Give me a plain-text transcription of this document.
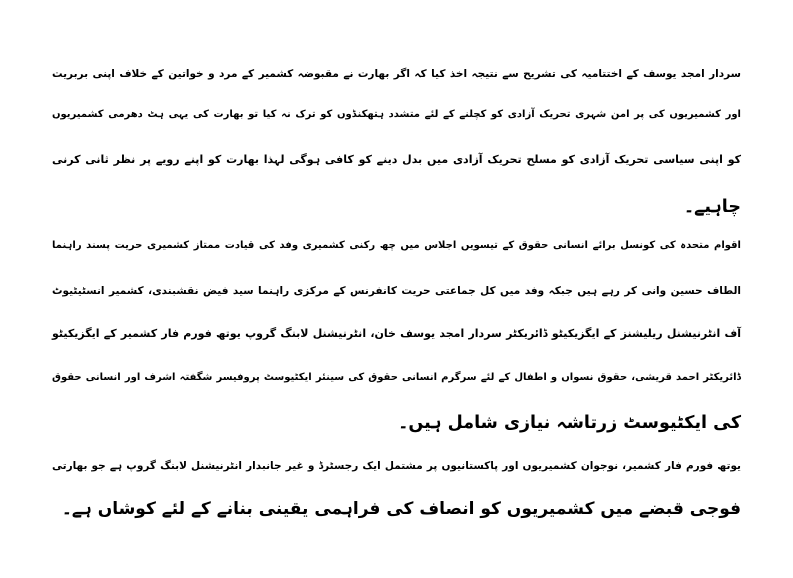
سردار امجد یوسف کے اختتامیہ کی تشریح سے نتیجہ اخذ کیا کہ اگر بھارت نے مقبوضہ کشمیر کے مرد و خواتین کے خلاف اپنی بربریت
اور کشمیریوں کی پر امن شہری تحریک آزادی کو کچلنے کے لئے متشدد ہتھکنڈوں کو ترک نہ کیا تو بھارت کی یہی ہٹ دھرمی کشمیریوں
کو اپنی سیاسی تحریک آزادی کو مسلح تحریک آزادی میں بدل دینے کو کافی ہوگی لہذا بھارت کو اپنے رویے پر نظر ثانی کرنی
چاہیے۔
اقوام متحدہ کی کونسل برائے انسانی حقوق کے تیسویں اجلاس میں چھ رکنی کشمیری وفد کی قیادت ممتاز کشمیری حریت پسند راہنما
الطاف حسین وانی کر رہے ہیں جبکہ وفد میں کل جماعتی حریت کانفرنس کے مرکزی راہنما سید فیض نقشبندی، کشمیر انسٹیٹیوٹ
آف انٹرنیشنل ریلیشنز کے ایگزیکیٹو ڈائریکٹر سردار امجد یوسف خان، انٹرنیشنل لابنگ گروپ یوتھ فورم فار کشمیر کے ایگزیکیٹو
ڈائریکٹر احمد قریشی، حقوق نسواں و اطفال کے لئے سرگرم انسانی حقوق کی سینئر ایکٹیوسٹ پروفیسر شگفتہ اشرف اور انسانی حقوق
کی ایکٹیوسٹ زرتاشہ نیازی شامل ہیں۔
یوتھ فورم فار کشمیر، نوجوان کشمیریوں اور پاکستانیوں پر مشتمل ایک رجسٹرڈ و غیر جانبدار انٹرنیشنل لابنگ گروپ ہے جو بھارتی
فوجی قبضے میں کشمیریوں کو انصاف کی فراہمی یقینی بنانے کے لئے کوشاں ہے۔
